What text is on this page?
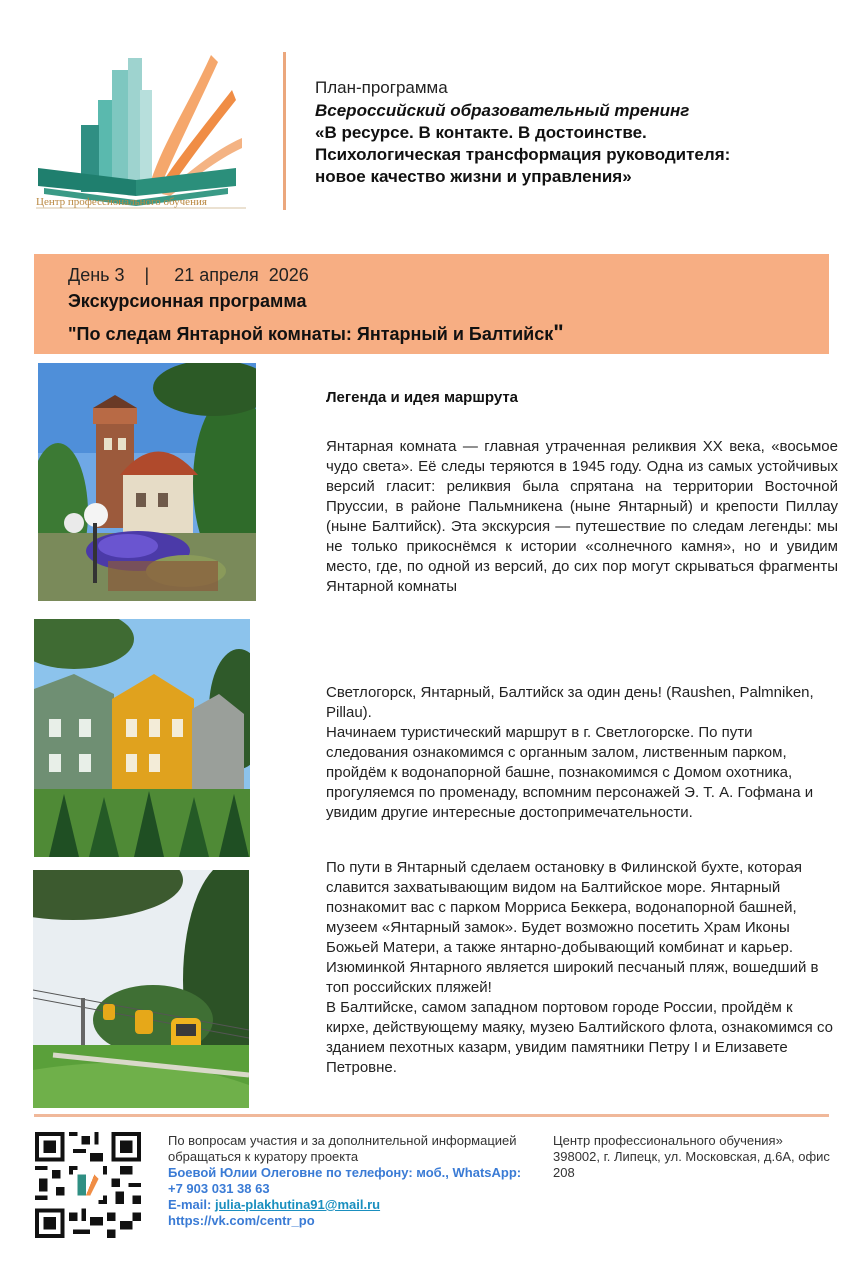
Центр профессионального обучения
План-программа
Всероссийский образовательный тренинг
«В ресурсе. В контакте. В достоинстве. Психологическая трансформация руководителя: новое качество жизни и управления»
День 3 | 21 апреля  2026
Экскурсионная программа
"По следам Янтарной комнаты: Янтарный и Балтийск"
Легенда и идея маршрута
Янтарная комната — главная утраченная реликвия XX века, «восьмое чудо света». Её следы теряются в 1945 году. Одна из самых устойчивых версий гласит: реликвия была спрятана на территории Восточной Пруссии, в районе Пальмникена (ныне Янтарный) и крепости Пиллау (ныне Балтийск). Эта экскурсия — путешествие по следам легенды: мы не только прикоснёмся к истории «солнечного камня», но и увидим место, где, по одной из версий, до сих пор могут скрываться фрагменты Янтарной комнаты

Светлогорск, Янтарный, Балтийск за один день! (Raushen, Palmniken, Pillau).

Начинаем туристический маршрут в г. Светлогорске. По пути следования ознакомимся с органным залом, лиственным парком, пройдём к водонапорной башне, познакомимся с Домом охотника, прогуляемся по променаду, вспомним персонажей Э. Т. А. Гофмана и увидим другие интересные достопримечательности.

По пути в Янтарный сделаем остановку в Филинской бухте, которая славится захватывающим видом на Балтийское море. Янтарный познакомит вас с парком Морриса Беккера, водонапорной башней, музеем «Янтарный замок». Будет возможно посетить Храм Иконы Божьей Матери, а также янтарно-добывающий комбинат и карьер. Изюминкой Янтарного является широкий песчаный пляж, вошедший в топ российских пляжей!

В Балтийске, самом западном портовом городе России, пройдём к кирхе, действующему маяку, музею Балтийского флота, ознакомимся со зданием пехотных казарм, увидим памятники Петру I и Елизавете Петровне.

По вопросам участия и за дополнительной информацией обращаться к куратору проекта
Боевой Юлии Олеговне по телефону: моб., WhatsApp: +7 903 031 38 63
E-mail: julia-plakhutina91@mail.ru
https://vk.com/centr_po
Центр профессионального обучения»
398002, г. Липецк, ул. Московская, д.6А, офис 208
